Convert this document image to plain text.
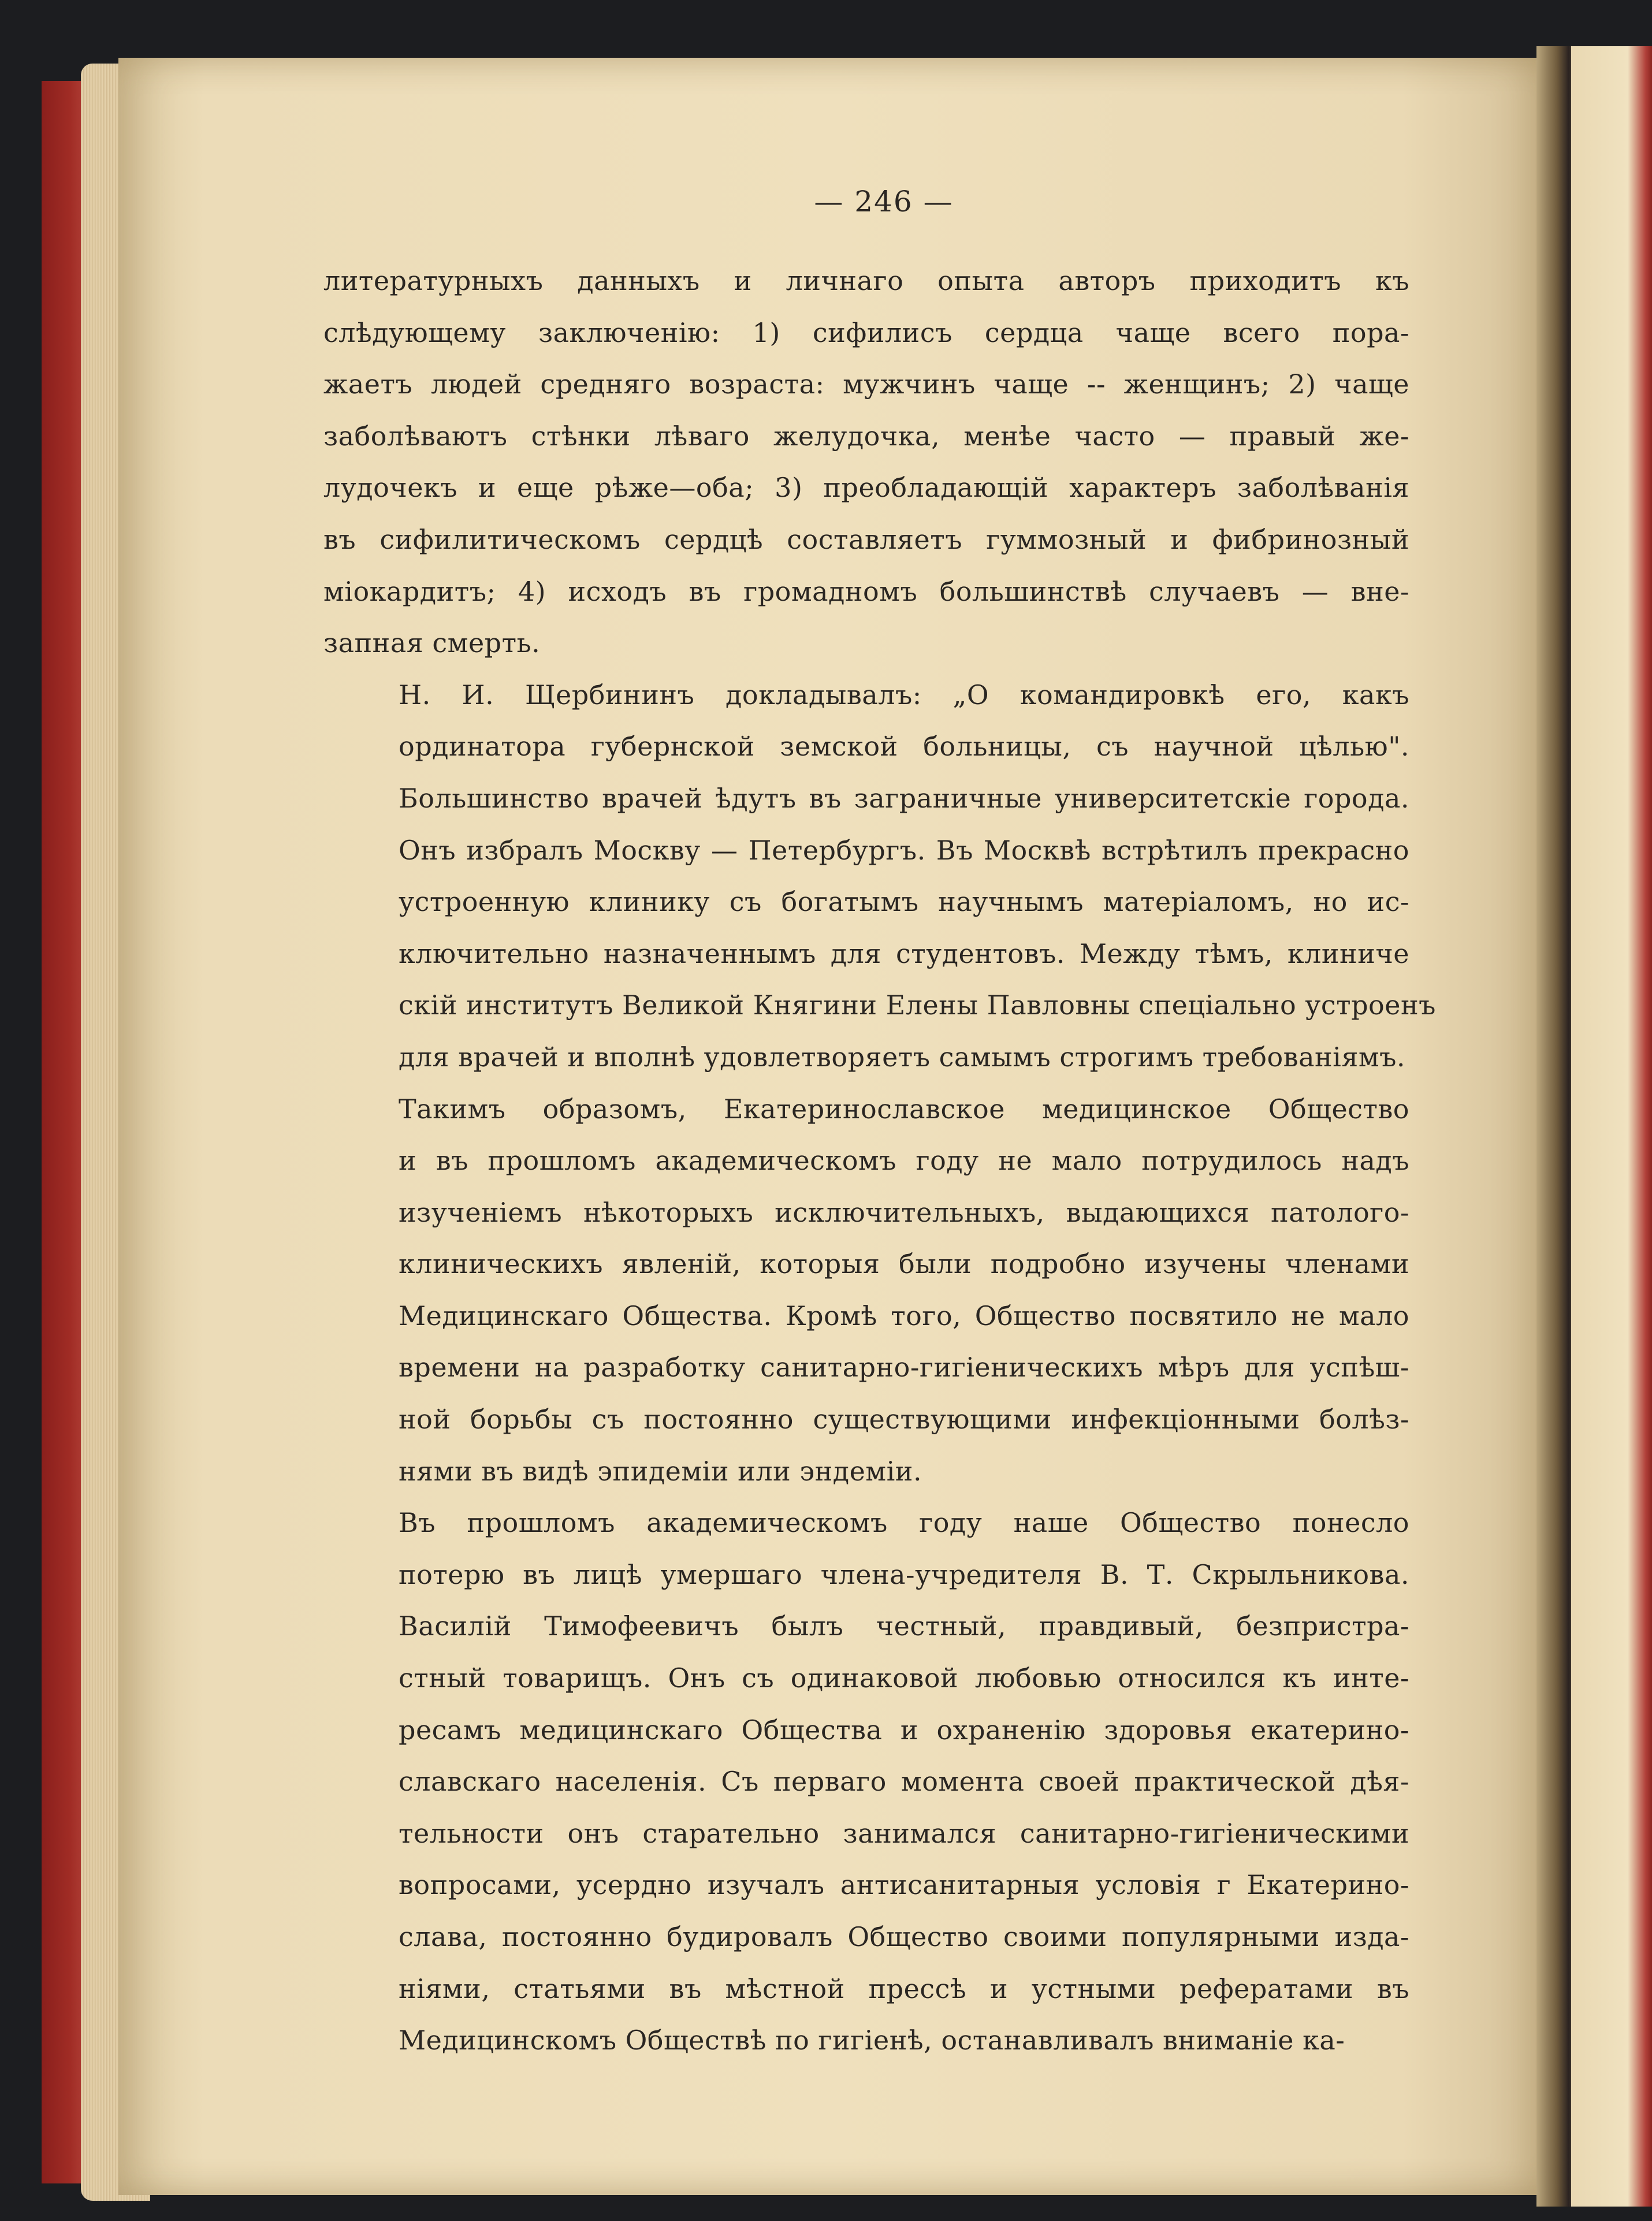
— 246 —
литературныхъ данныхъ и личнаго опыта авторъ приходитъ къ
слѣдующему заключенію: 1) сифилисъ сердца чаще всего пора-
жаетъ людей средняго возраста: мужчинъ чаще -- женщинъ; 2) чаще
заболѣваютъ стѣнки лѣваго желудочка, менѣе часто — правый же-
лудочекъ и еще рѣже—оба; 3) преобладающій характеръ заболѣванія
въ сифилитическомъ сердцѣ составляетъ гуммозный и фибринозный
міокардитъ; 4) исходъ въ громадномъ большинствѣ случаевъ — вне-
запная смерть.
Н. И. Щербининъ докладывалъ: „О командировкѣ его, какъ
ординатора губернской земской больницы, съ научной цѣлью".
Большинство врачей ѣдутъ въ заграничные университетскіе города.
Онъ избралъ Москву — Петербургъ. Въ Москвѣ встрѣтилъ прекрасно
устроенную клинику съ богатымъ научнымъ матеріаломъ, но ис-
ключительно назначеннымъ для студентовъ. Между тѣмъ, клиниче
скій институтъ Великой Княгини Елены Павловны спеціально устроенъ
для врачей и вполнѣ удовлетворяетъ самымъ строгимъ требованіямъ.
Такимъ образомъ, Екатеринославское медицинское Общество
и въ прошломъ академическомъ году не мало потрудилось надъ
изученіемъ нѣкоторыхъ исключительныхъ, выдающихся патолого-
клиническихъ явленій, которыя были подробно изучены членами
Медицинскаго Общества. Кромѣ того, Общество посвятило не мало
времени на разработку санитарно-гигіеническихъ мѣръ для успѣш-
ной борьбы съ постоянно существующими инфекціонными болѣз-
нями въ видѣ эпидеміи или эндеміи.
Въ прошломъ академическомъ году наше Общество понесло
потерю въ лицѣ умершаго члена-учредителя В. Т. Скрыльникова.
Василій Тимофеевичъ былъ честный, правдивый, безпристра-
стный товарищъ. Онъ съ одинаковой любовью относился къ инте-
ресамъ медицинскаго Общества и охраненію здоровья екатерино-
славскаго населенія. Съ перваго момента своей практической дѣя-
тельности онъ старательно занимался санитарно-гигіеническими
вопросами, усердно изучалъ антисанитарныя условія г Екатерино-
слава, постоянно будировалъ Общество своими популярными изда-
ніями, статьями въ мѣстной прессѣ и устными рефератами въ
Медицинскомъ Обществѣ по гигіенѣ, останавливалъ вниманіе ка-
